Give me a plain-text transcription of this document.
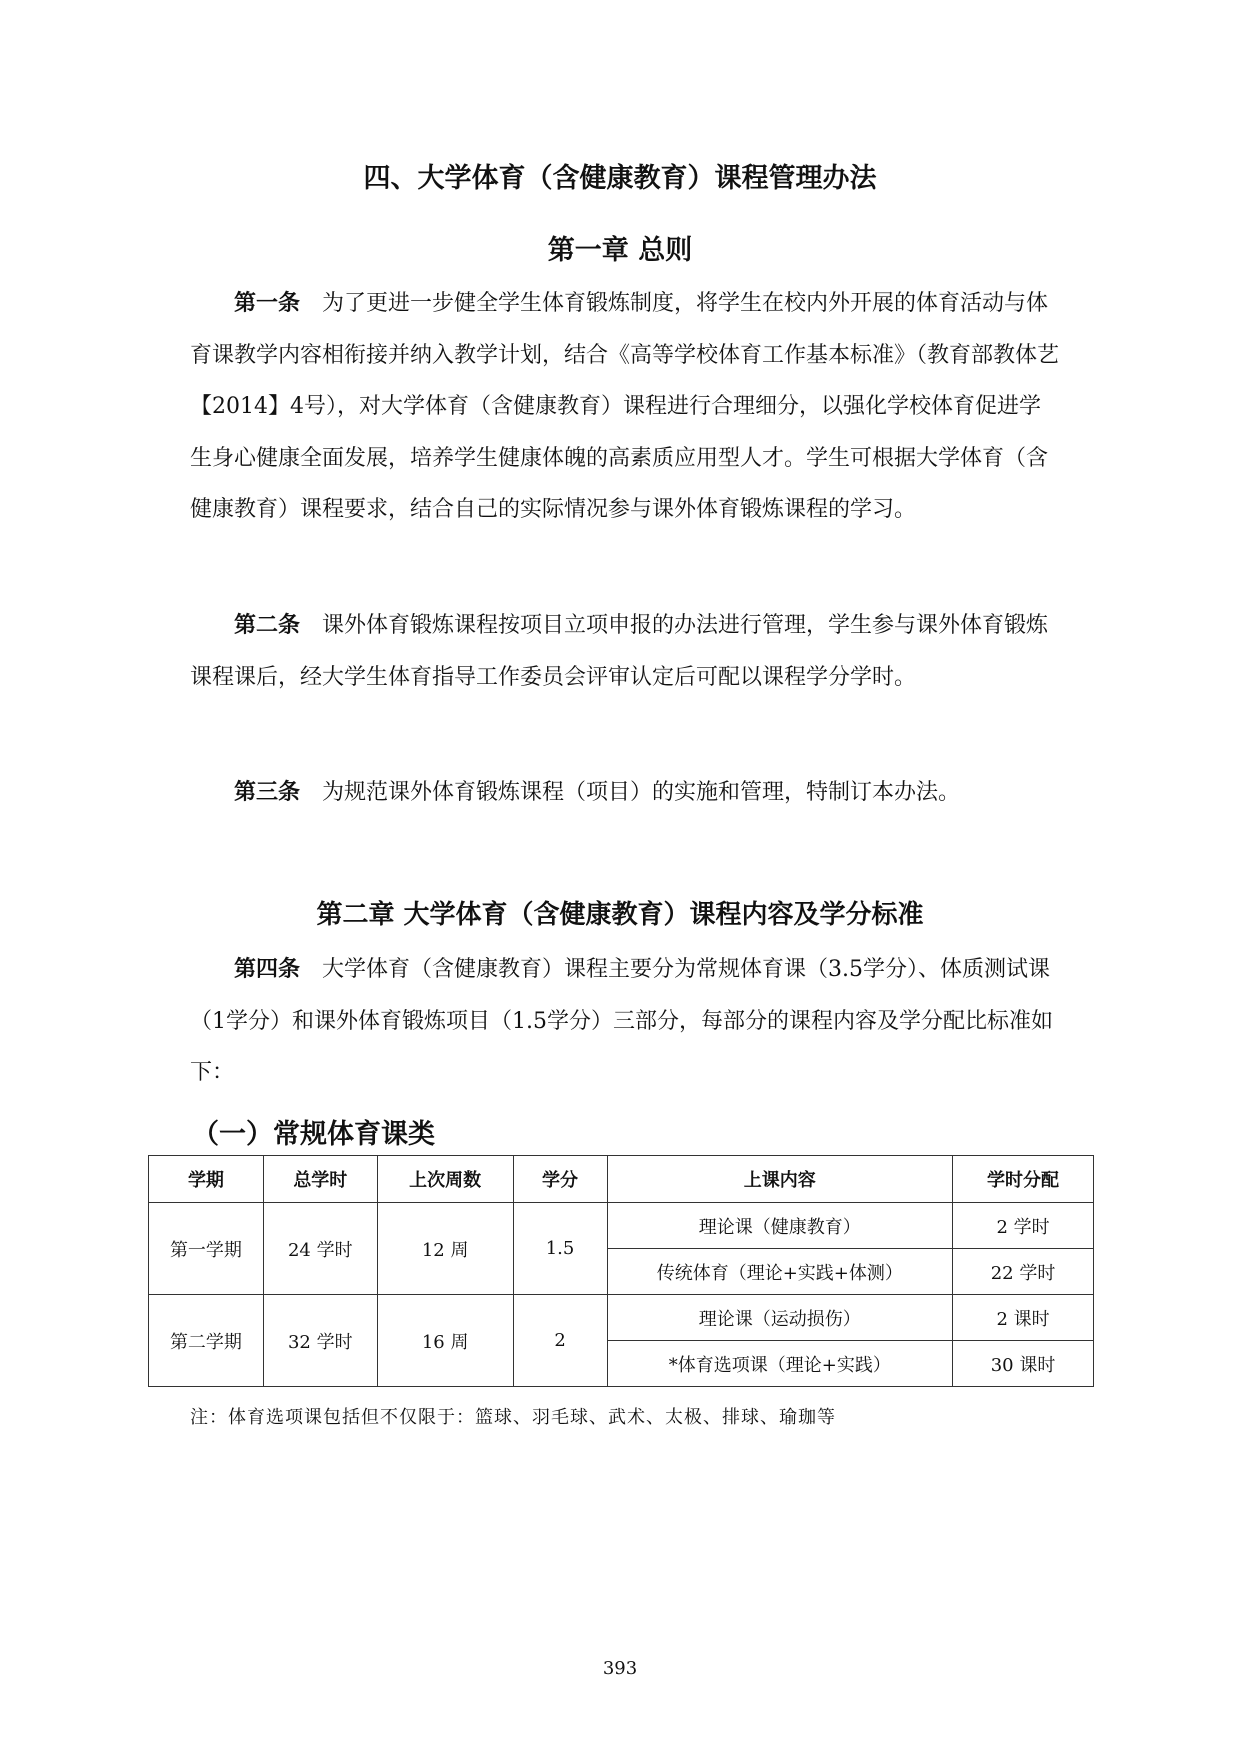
四、大学体育（含健康教育）课程管理办法
第一章 总则

  第一条 为了更进一步健全学生体育锻炼制度，将学生在校内外开展的体育活动与体育课教学内容相衔接并纳入教学计划，结合《高等学校体育工作基本标准》（教育部教体艺【2014】4号），对大学体育（含健康教育）课程进行合理细分，以强化学校体育促进学生身心健康全面发展，培养学生健康体魄的高素质应用型人才。学生可根据大学体育（含健康教育）课程要求，结合自己的实际情况参与课外体育锻炼课程的学习。

  第二条 课外体育锻炼课程按项目立项申报的办法进行管理，学生参与课外体育锻炼课程课后，经大学生体育指导工作委员会评审认定后可配以课程学分学时。

  第三条 为规范课外体育锻炼课程（项目）的实施和管理，特制订本办法。

第二章 大学体育（含健康教育）课程内容及学分标准

  第四条 大学体育（含健康教育）课程主要分为常规体育课（3.5学分）、体质测试课（1学分）和课外体育锻炼项目（1.5学分）三部分，每部分的课程内容及学分配比标准如下：

（一）常规体育课类
学期	总学时	上次周数	学分	上课内容	学时分配
第一学期	24 学时	12 周	1.5	理论课（健康教育）	2 学时
				传统体育（理论+实践+体测）	22 学时
第二学期	32 学时	16 周	2	理论课（运动损伤）	2 课时
				*体育选项课（理论+实践）	30 课时
注：体育选项课包括但不仅限于：篮球、羽毛球、武术、太极、排球、瑜珈等
393
